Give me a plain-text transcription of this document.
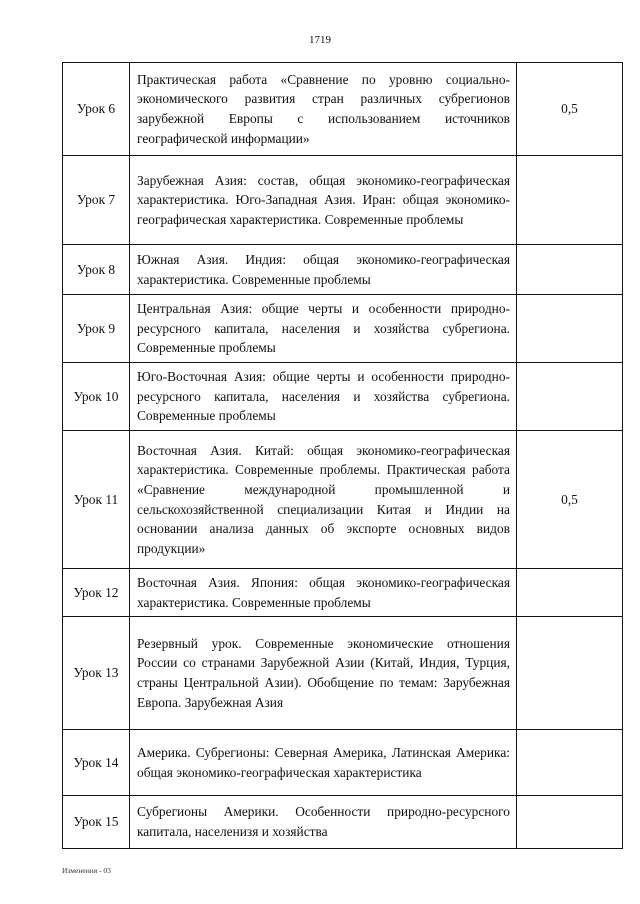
1719
Урок 6	Практическая работа «Сравнение по уровню социально-экономического развития стран различных субрегионов зарубежной Европы с использованием источников географической информации»	0,5
Урок 7	Зарубежная Азия: состав, общая экономико-географическая характеристика. Юго-Западная Азия. Иран: общая экономико-географическая характеристика. Современные проблемы	
Урок 8	Южная Азия. Индия: общая экономико-географическая характеристика. Современные проблемы	
Урок 9	Центральная Азия: общие черты и особенности природно-ресурсного капитала, населения и хозяйства субрегиона. Современные проблемы	
Урок 10	Юго-Восточная Азия: общие черты и особенности природно-ресурсного капитала, населения и хозяйства субрегиона. Современные проблемы	
Урок 11	Восточная Азия. Китай: общая экономико-географическая характеристика. Современные проблемы. Практическая работа «Сравнение международной промышленной и сельскохозяйственной специализации Китая и Индии на основании анализа данных об экспорте основных видов продукции»	0,5
Урок 12	Восточная Азия. Япония: общая экономико-географическая характеристика. Современные проблемы	
Урок 13	Резервный урок. Современные экономические отношения России со странами Зарубежной Азии (Китай, Индия, Турция, страны Центральной Азии). Обобщение по темам: Зарубежная Европа. Зарубежная Азия	
Урок 14	Америка. Субрегионы: Северная Америка, Латинская Америка: общая экономико-географическая характеристика	
Урок 15	Субрегионы Америки. Особенности природно-ресурсного капитала, населенизя и хозяйства	
Изменения - 03
